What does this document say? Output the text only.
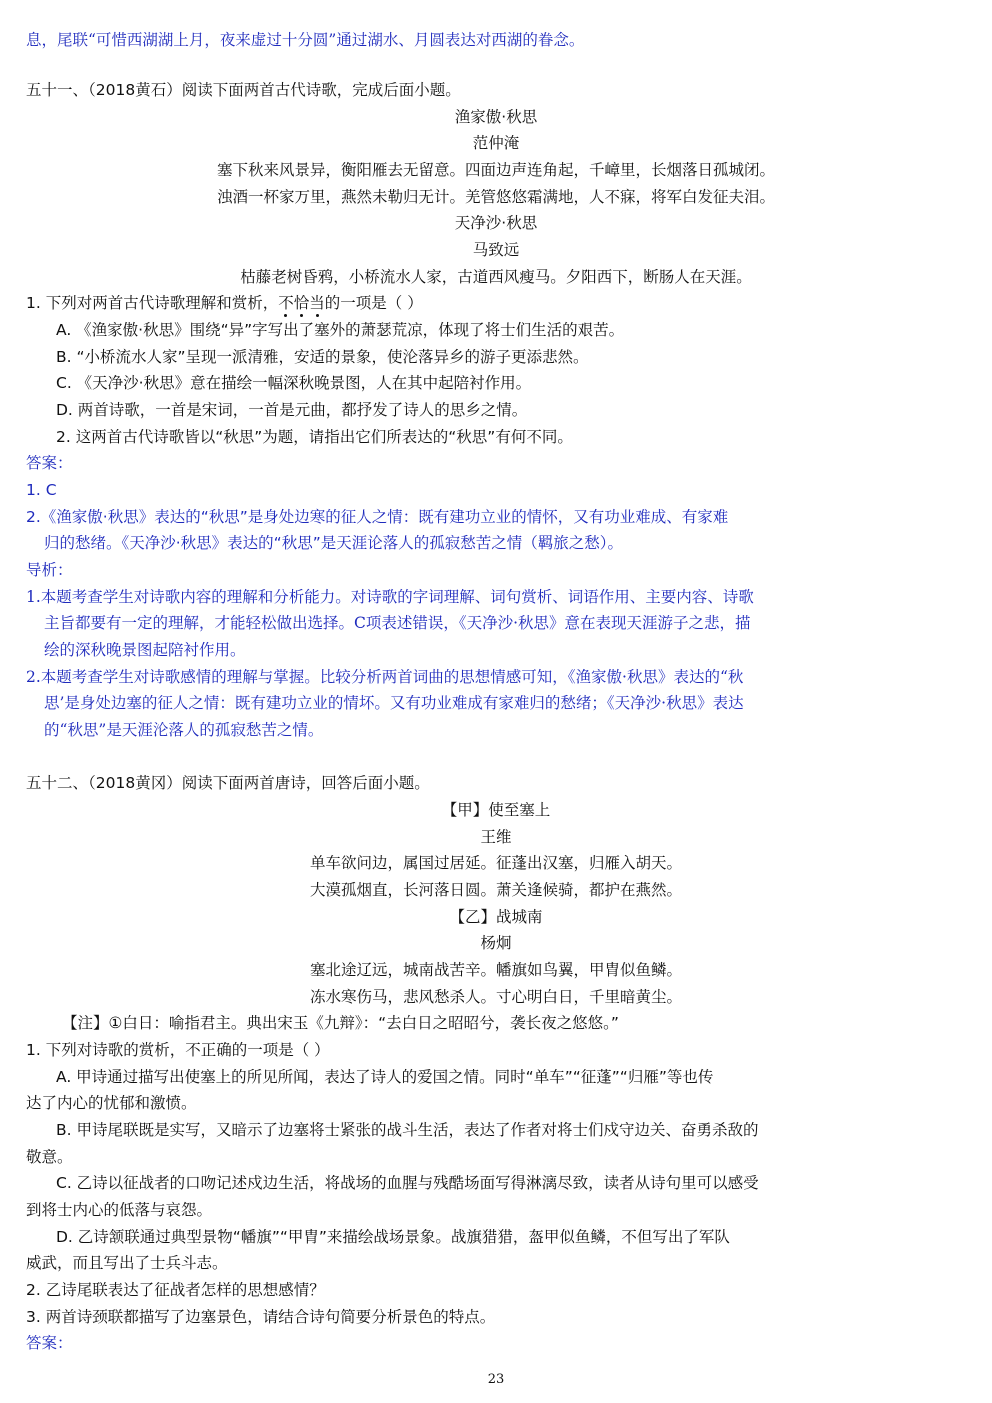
息，尾联“可惜西湖湖上月，夜来虚过十分圆”通过湖水、月圆表达对西湖的眷念。
五十一、（2018黄石）阅读下面两首古代诗歌，完成后面小题。
渔家傲·秋思
范仲淹
塞下秋来风景异，衡阳雁去无留意。四面边声连角起，千嶂里，长烟落日孤城闭。
浊酒一杯家万里，燕然未勒归无计。羌管悠悠霜满地，人不寐，将军白发征夫泪。
天净沙·秋思
马致远
枯藤老树昏鸦，小桥流水人家，古道西风瘦马。夕阳西下，断肠人在天涯。
1. 下列对两首古代诗歌理解和赏析，不恰当的一项是（ ）
A. 《渔家傲·秋思》围绕“异”字写出了塞外的萧瑟荒凉，体现了将士们生活的艰苦。
B. “小桥流水人家”呈现一派清雅，安适的景象，使沦落异乡的游子更添悲然。
C. 《天净沙·秋思》意在描绘一幅深秋晚景图，人在其中起陪衬作用。
D. 两首诗歌，一首是宋词，一首是元曲，都抒发了诗人的思乡之情。
2. 这两首古代诗歌皆以“秋思”为题，请指出它们所表达的“秋思”有何不同。
答案：
1. C
2.《渔家傲·秋思》表达的“秋思”是身处边寒的征人之情：既有建功立业的情怀，又有功业难成、有家难
归的愁绪。《天净沙·秋思》表达的“秋思”是天涯论落人的孤寂愁苦之情（羁旅之愁）。
导析：
1.本题考查学生对诗歌内容的理解和分析能力。对诗歌的字词理解、词句赏析、词语作用、主要内容、诗歌
主旨都要有一定的理解，才能轻松做出选择。C项表述错误，《天净沙·秋思》意在表现天涯游子之悲，描
绘的深秋晚景图起陪衬作用。
2.本题考查学生对诗歌感情的理解与掌握。比较分析两首词曲的思想情感可知，《渔家傲·秋思》表达的“秋
思’是身处边塞的征人之情：既有建功立业的情坏。又有功业难成有家难归的愁绪；《天净沙·秋思》表达
的“秋思”是天涯沦落人的孤寂愁苦之情。
五十二、（2018黄冈）阅读下面两首唐诗，回答后面小题。
【甲】使至塞上
王维
单车欲问边，属国过居延。征蓬出汉塞，归雁入胡天。
大漠孤烟直，长河落日圆。萧关逢候骑，都护在燕然。
【乙】战城南
杨炯
塞北途辽远，城南战苦辛。幡旗如鸟翼，甲胄似鱼鳞。
冻水寒伤马，悲风愁杀人。寸心明白日，千里暗黄尘。
【注】①白日：喻指君主。典出宋玉《九辩》：“去白日之昭昭兮，袭长夜之悠悠。”
1. 下列对诗歌的赏析，不正确的一项是（ ）
A. 甲诗通过描写出使塞上的所见所闻，表达了诗人的爱国之情。同时“单车”“征蓬”“归雁”等也传
达了内心的忧郁和激愤。
B. 甲诗尾联既是实写，又暗示了边塞将士紧张的战斗生活，表达了作者对将士们戍守边关、奋勇杀敌的
敬意。
C. 乙诗以征战者的口吻记述戍边生活，将战场的血腥与残酷场面写得淋漓尽致，读者从诗句里可以感受
到将士内心的低落与哀怨。
D. 乙诗颔联通过典型景物“幡旗”“甲胄”来描绘战场景象。战旗猎猎，盔甲似鱼鳞，不但写出了军队
威武，而且写出了士兵斗志。
2. 乙诗尾联表达了征战者怎样的思想感情？
3. 两首诗颈联都描写了边塞景色，请结合诗句简要分析景色的特点。
答案：
23
